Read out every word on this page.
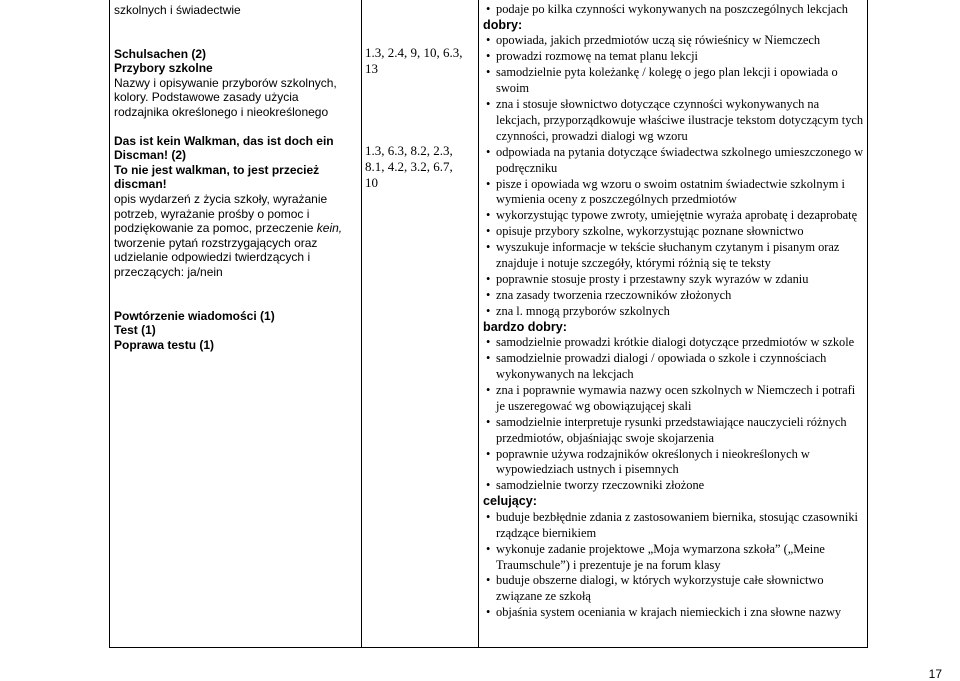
szkolnych i świadectwie
Schulsachen (2)
Przybory szkolne
Nazwy i opisywanie przyborów szkolnych, kolory. Podstawowe zasady użycia rodzajnika określonego i nieokreślonego
Das ist kein Walkman, das ist doch ein Discman! (2)
To nie jest walkman, to jest przecież discman!
opis wydarzeń z życia szkoły, wyrażanie potrzeb, wyrażanie prośby o pomoc i podziękowanie za pomoc, przeczenie kein, tworzenie pytań rozstrzygających oraz udzielanie odpowiedzi twierdzących i przeczących: ja/nein
Powtórzenie wiadomości (1)
Test (1)
Poprawa testu (1)
1.3, 2.4, 9, 10, 6.3, 13
1.3, 6.3, 8.2, 2.3, 8.1, 4.2, 3.2, 6.7, 10
• podaje po kilka czynności wykonywanych na poszczególnych lekcjach
dobry:
• opowiada, jakich przedmiotów uczą się rówieśnicy w Niemczech
• prowadzi rozmowę na temat planu lekcji
• samodzielnie pyta koleżankę / kolegę o jego plan lekcji i opowiada o swoim
• zna i stosuje słownictwo dotyczące czynności wykonywanych na lekcjach, przyporządkowuje właściwe ilustracje tekstom dotyczącym tych czynności, prowadzi dialogi wg wzoru
• odpowiada na pytania dotyczące świadectwa szkolnego umieszczonego w podręczniku
• pisze i opowiada wg wzoru o swoim ostatnim świadectwie szkolnym i wymienia oceny z poszczególnych przedmiotów
• wykorzystując typowe zwroty, umiejętnie wyraża aprobatę i dezaprobatę
• opisuje przybory szkolne, wykorzystując poznane słownictwo
• wyszukuje informacje w tekście słuchanym czytanym i pisanym oraz znajduje i notuje szczegóły, którymi różnią się te teksty
• poprawnie stosuje prosty i przestawny szyk wyrazów w zdaniu
• zna zasady tworzenia rzeczowników złożonych
• zna l. mnogą przyborów szkolnych
bardzo dobry:
• samodzielnie prowadzi krótkie dialogi dotyczące przedmiotów w szkole
• samodzielnie prowadzi dialogi / opowiada o szkole i czynnościach wykonywanych na lekcjach
• zna i poprawnie wymawia nazwy ocen szkolnych w Niemczech i potrafi je uszeregować wg obowiązującej skali
• samodzielnie interpretuje rysunki przedstawiające nauczycieli różnych przedmiotów, objaśniając swoje skojarzenia
• poprawnie używa rodzajników określonych i nieokreślonych w wypowiedziach ustnych i pisemnych
• samodzielnie tworzy rzeczowniki złożone
celujący:
• buduje bezbłędnie zdania z zastosowaniem biernika, stosując czasowniki rządzące biernikiem
• wykonuje zadanie projektowe „Moja wymarzona szkoła” („Meine Traumschule”) i prezentuje je na forum klasy
• buduje obszerne dialogi, w których wykorzystuje całe słownictwo związane ze szkołą
• objaśnia system oceniania w krajach niemieckich i zna słowne nazwy
17
